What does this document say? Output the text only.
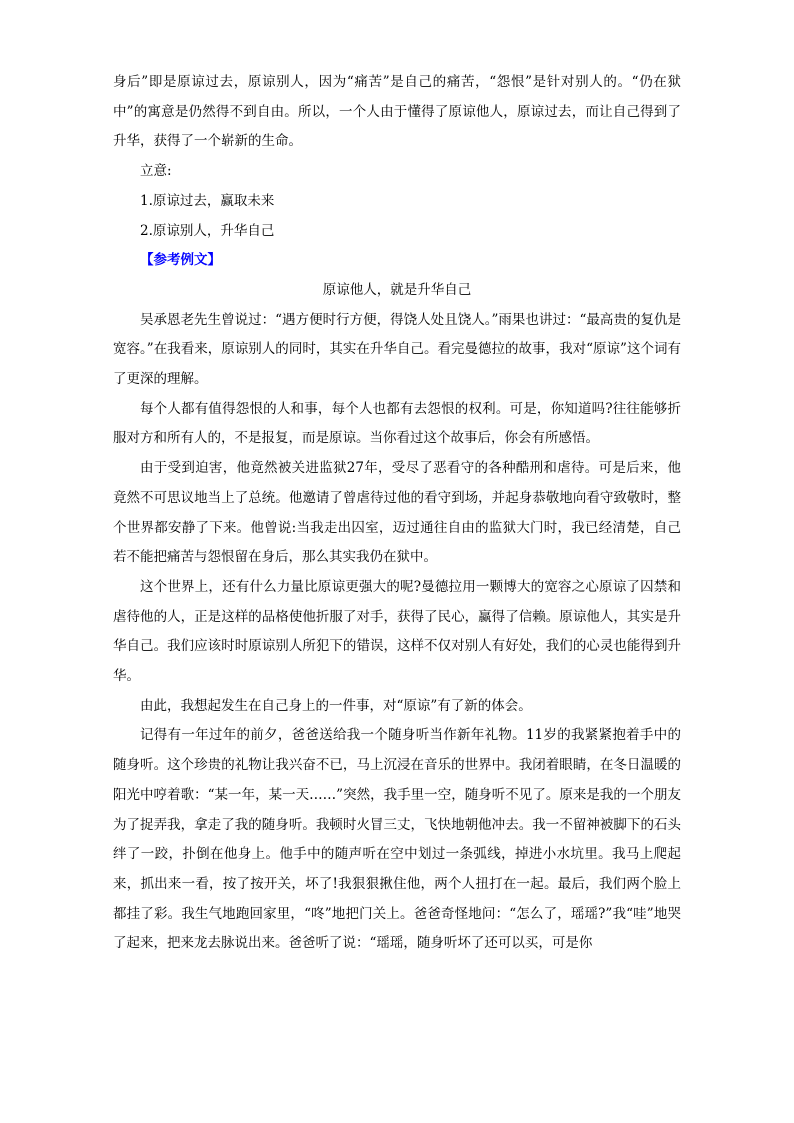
身后”即是原谅过去，原谅别人，因为“痛苦”是自己的痛苦，“怨恨”是针对别人的。“仍在狱中”的寓意是仍然得不到自由。所以，一个人由于懂得了原谅他人，原谅过去，而让自己得到了升华，获得了一个崭新的生命。

立意:

1.原谅过去，赢取未来

2.原谅别人，升华自己

【参考例文】

原谅他人，就是升华自己

吴承恩老先生曾说过：“遇方便时行方便，得饶人处且饶人。”雨果也讲过：“最高贵的复仇是宽容。”在我看来，原谅别人的同时，其实在升华自己。看完曼德拉的故事，我对“原谅”这个词有了更深的理解。

每个人都有值得怨恨的人和事，每个人也都有去怨恨的权利。可是，你知道吗?往往能够折服对方和所有人的，不是报复，而是原谅。当你看过这个故事后，你会有所感悟。

由于受到迫害，他竟然被关进监狱27年，受尽了恶看守的各种酷刑和虐待。可是后来，他竟然不可思议地当上了总统。他邀请了曾虐待过他的看守到场，并起身恭敬地向看守致敬时，整个世界都安静了下来。他曾说:当我走出囚室，迈过通往自由的监狱大门时，我已经清楚，自己若不能把痛苦与怨恨留在身后，那么其实我仍在狱中。

这个世界上，还有什么力量比原谅更强大的呢?曼德拉用一颗博大的宽容之心原谅了囚禁和虐待他的人，正是这样的品格使他折服了对手，获得了民心，赢得了信赖。原谅他人，其实是升华自己。我们应该时时原谅别人所犯下的错误，这样不仅对别人有好处，我们的心灵也能得到升华。

由此，我想起发生在自己身上的一件事，对“原谅”有了新的体会。

记得有一年过年的前夕，爸爸送给我一个随身听当作新年礼物。11岁的我紧紧抱着手中的随身听。这个珍贵的礼物让我兴奋不已，马上沉浸在音乐的世界中。我闭着眼睛，在冬日温暖的阳光中哼着歌：“某一年，某一天……”突然，我手里一空，随身听不见了。原来是我的一个朋友为了捉弄我，拿走了我的随身听。我顿时火冒三丈，飞快地朝他冲去。我一不留神被脚下的石头绊了一跤，扑倒在他身上。他手中的随声听在空中划过一条弧线，掉进小水坑里。我马上爬起来，抓出来一看，按了按开关，坏了!我狠狠揪住他，两个人扭打在一起。最后，我们两个脸上都挂了彩。我生气地跑回家里，“咚”地把门关上。爸爸奇怪地问：“怎么了，瑶瑶?”我“哇”地哭了起来，把来龙去脉说出来。爸爸听了说：“瑶瑶，随身听坏了还可以买，可是你
